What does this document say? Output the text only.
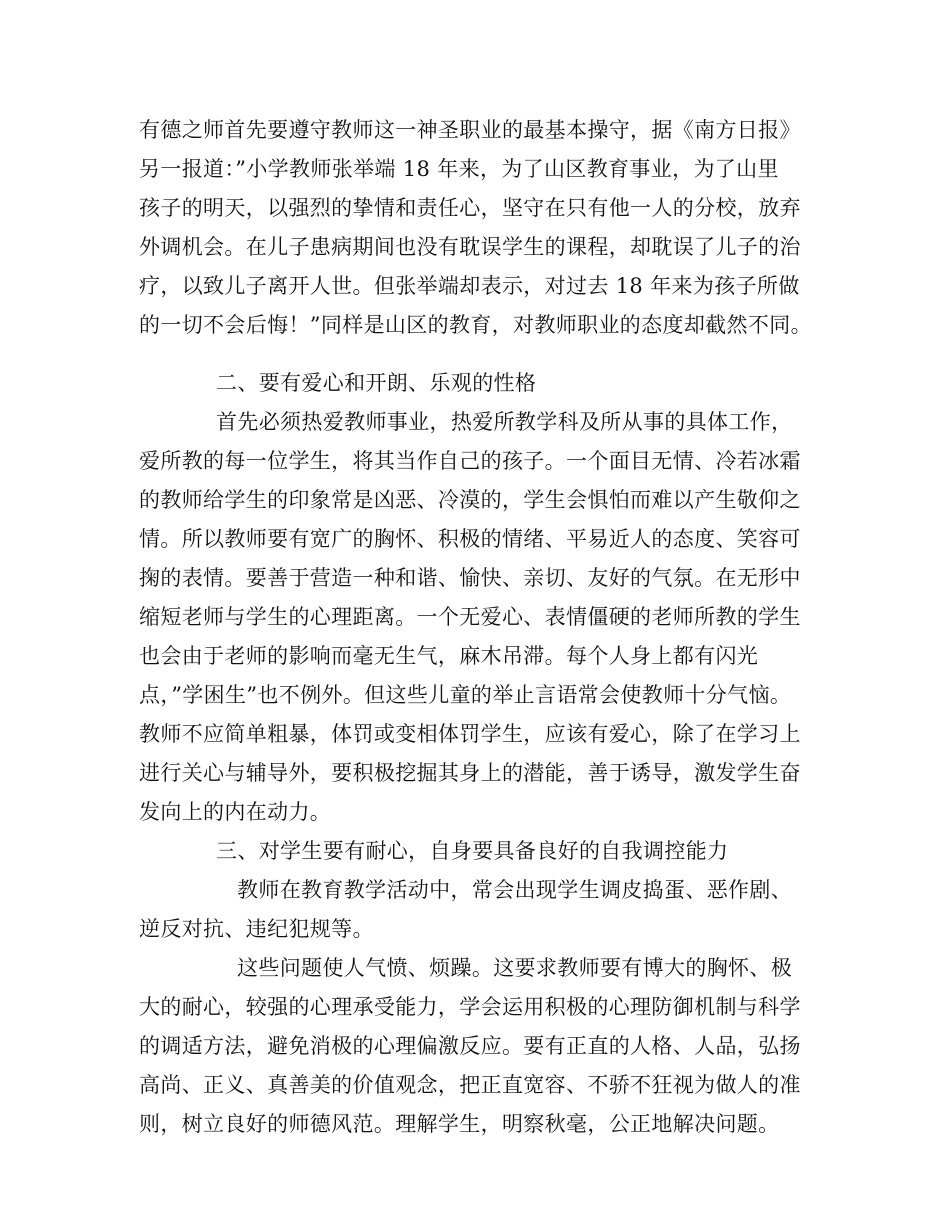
有德之师首先要遵守教师这一神圣职业的最基本操守，据《南方日报》
另一报道：”小学教师张举端 18 年来，为了山区教育事业，为了山里
孩子的明天，以强烈的挚情和责任心，坚守在只有他一人的分校，放弃
外调机会。在儿子患病期间也没有耽误学生的课程，却耽误了儿子的治
疗，以致儿子离开人世。但张举端却表示，对过去 18 年来为孩子所做
的一切不会后悔！”同样是山区的教育，对教师职业的态度却截然不同。
二、要有爱心和开朗、乐观的性格
首先必须热爱教师事业，热爱所教学科及所从事的具体工作，
爱所教的每一位学生，将其当作自己的孩子。一个面目无情、冷若冰霜
的教师给学生的印象常是凶恶、冷漠的，学生会惧怕而难以产生敬仰之
情。所以教师要有宽广的胸怀、积极的情绪、平易近人的态度、笑容可
掬的表情。要善于营造一种和谐、愉快、亲切、友好的气氛。在无形中
缩短老师与学生的心理距离。一个无爱心、表情僵硬的老师所教的学生
也会由于老师的影响而毫无生气，麻木吊滞。每个人身上都有闪光
点，”学困生”也不例外。但这些儿童的举止言语常会使教师十分气恼。
教师不应简单粗暴，体罚或变相体罚学生，应该有爱心，除了在学习上
进行关心与辅导外，要积极挖掘其身上的潜能，善于诱导，激发学生奋
发向上的内在动力。
三、对学生要有耐心，自身要具备良好的自我调控能力
教师在教育教学活动中，常会出现学生调皮捣蛋、恶作剧、
逆反对抗、违纪犯规等。
这些问题使人气愤、烦躁。这要求教师要有博大的胸怀、极
大的耐心，较强的心理承受能力，学会运用积极的心理防御机制与科学
的调适方法，避免消极的心理偏激反应。要有正直的人格、人品，弘扬
高尚、正义、真善美的价值观念，把正直宽容、不骄不狂视为做人的准
则，树立良好的师德风范。理解学生，明察秋毫，公正地解决问题。
